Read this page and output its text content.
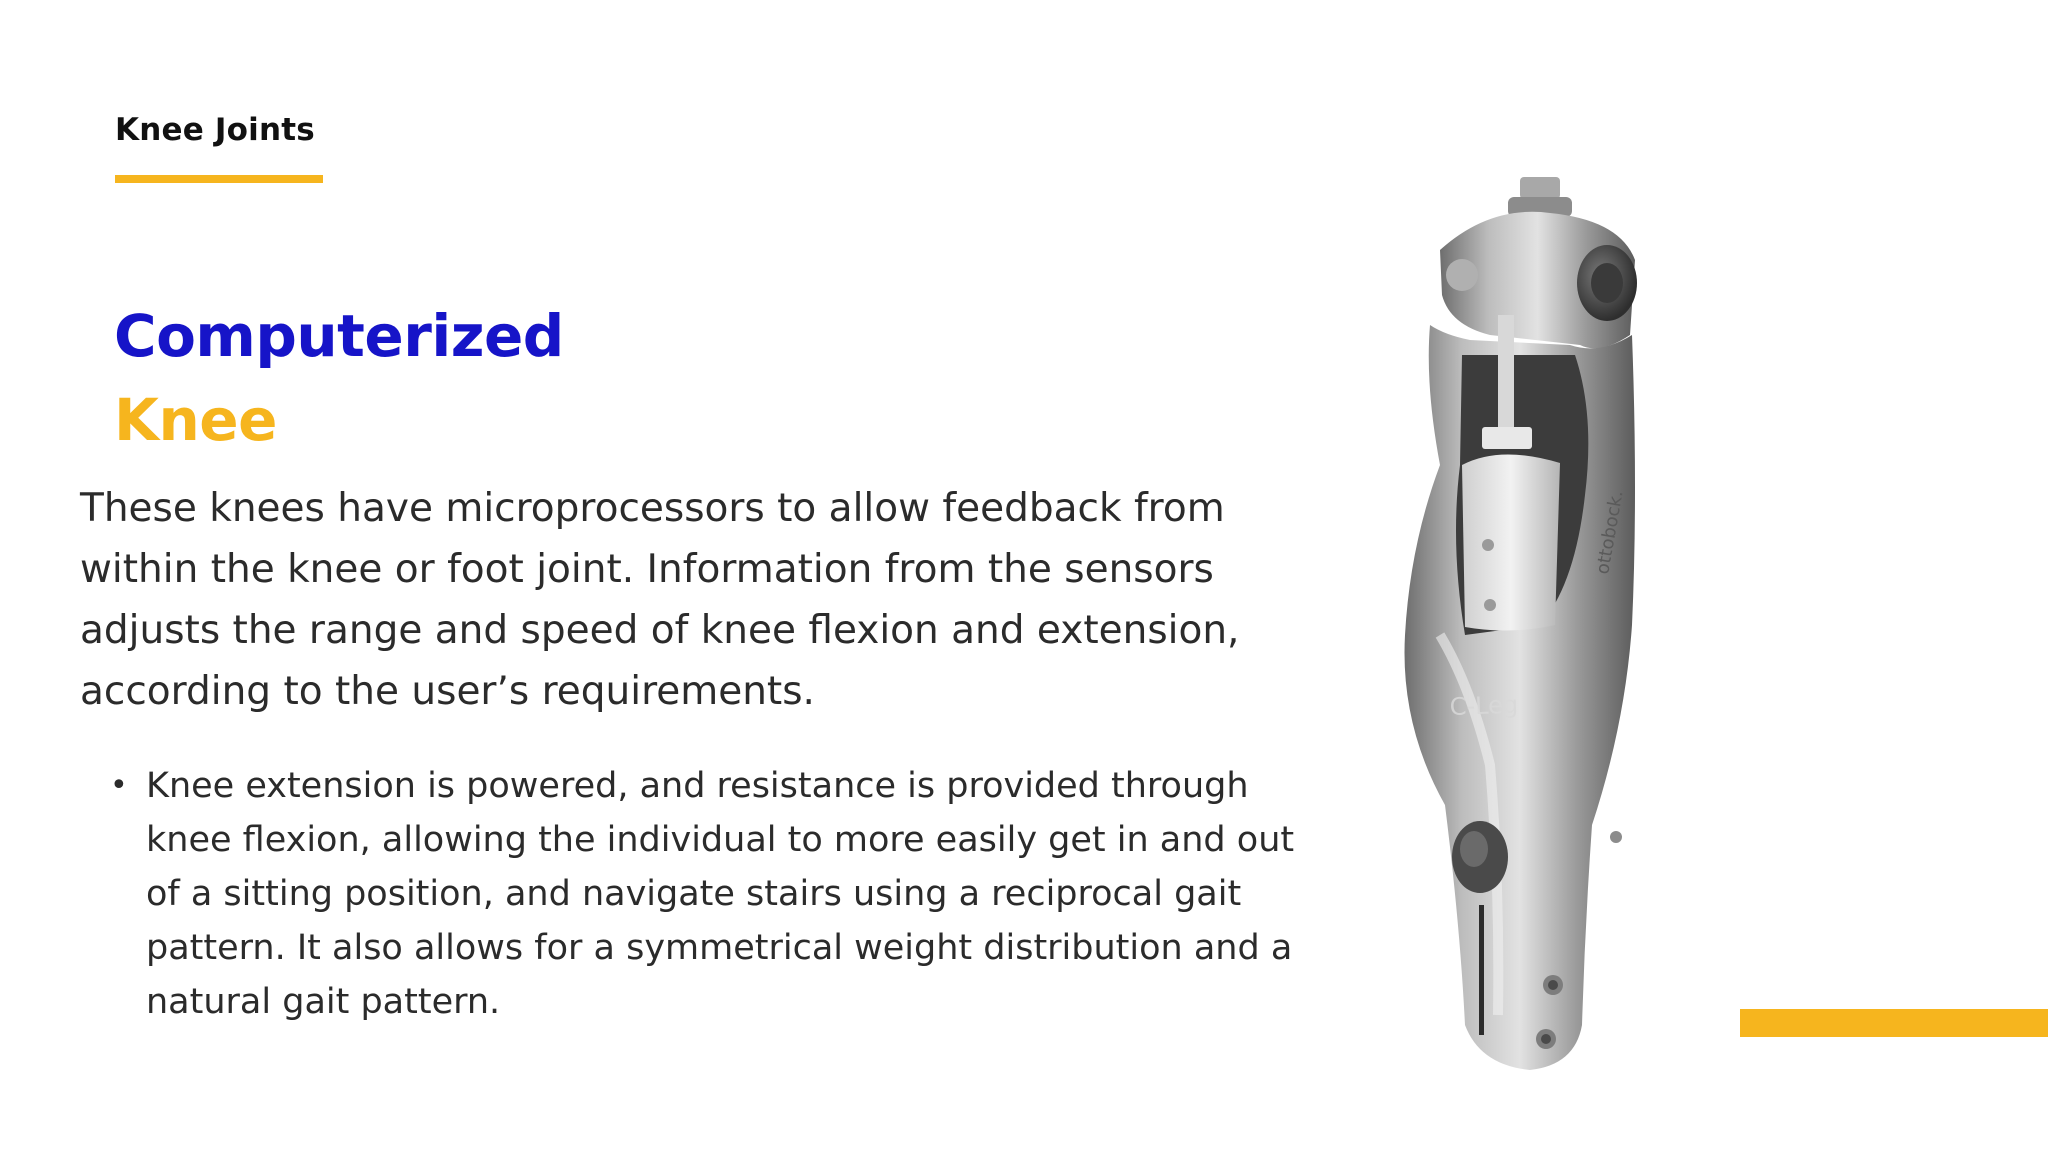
Knee Joints
Computerized
Knee

These knees have microprocessors to allow feedback from within the knee or foot joint. Information from the sensors adjusts the range and speed of knee flexion and extension, according to the user’s requirements.

• Knee extension is powered, and resistance is provided through knee flexion, allowing the individual to more easily get in and out of a sitting position, and navigate stairs using a reciprocal gait pattern. It also allows for a symmetrical weight distribution and a natural gait pattern.
ottobock.
C-Leg
